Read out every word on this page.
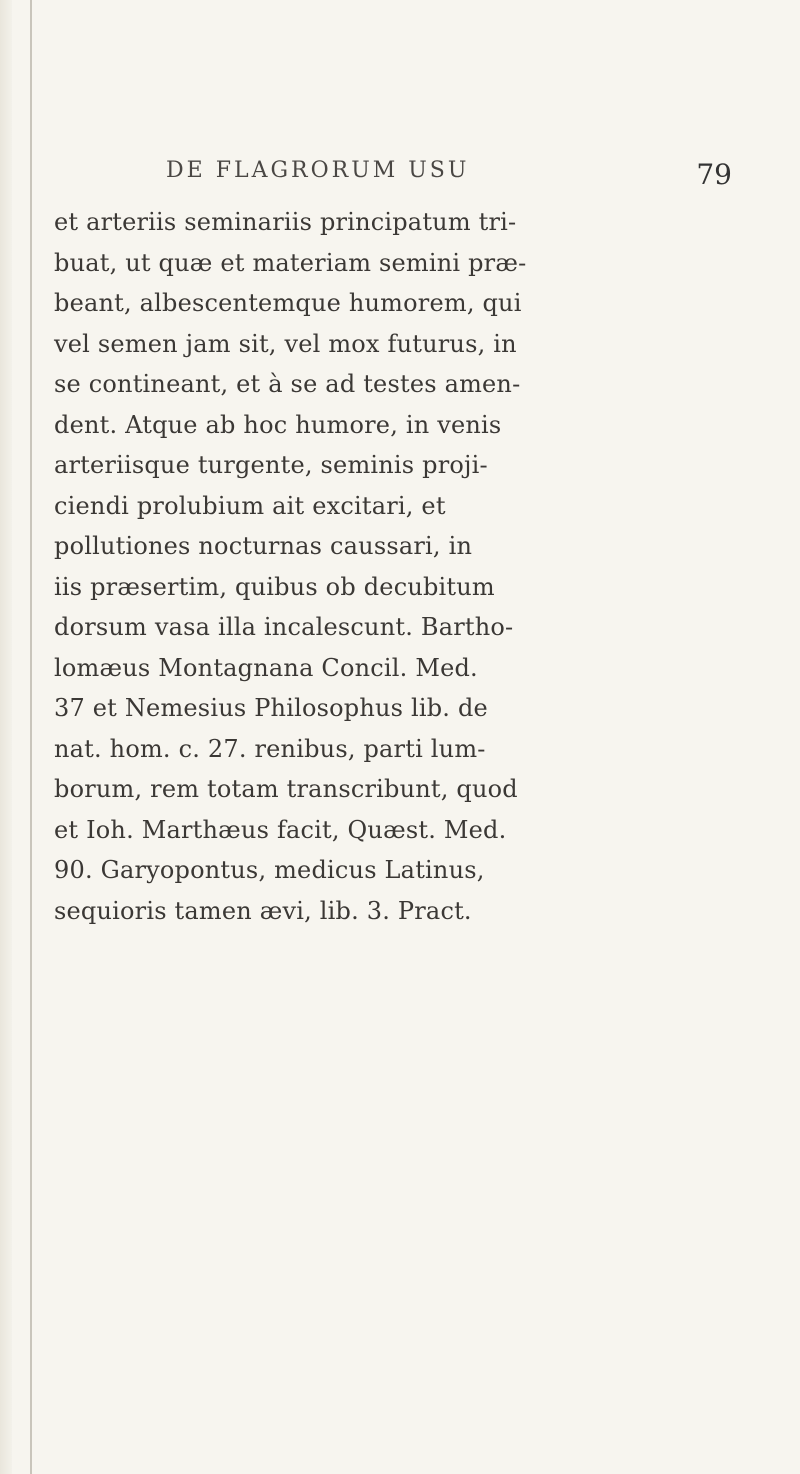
DE FLAGRORUM USU	79
et arteriis seminariis principatum tri-
buat, ut quæ et materiam semini præ-
beant, albescentemque humorem, qui
vel semen jam sit, vel mox futurus, in
se contineant, et à se ad testes amen-
dent. Atque ab hoc humore, in venis
arteriisque turgente, seminis proji-
ciendi prolubium ait excitari, et
pollutiones nocturnas caussari, in
iis præsertim, quibus ob decubitum
dorsum vasa illa incalescunt. Bartho-
lomæus Montagnana Concil. Med.
37 et Nemesius Philosophus lib. de
nat. hom. c. 27. renibus, parti lum-
borum, rem totam transcribunt, quod
et Ioh. Marthæus facit, Quæst. Med.
90. Garyopontus, medicus Latinus,
sequioris tamen ævi, lib. 3. Pract.
